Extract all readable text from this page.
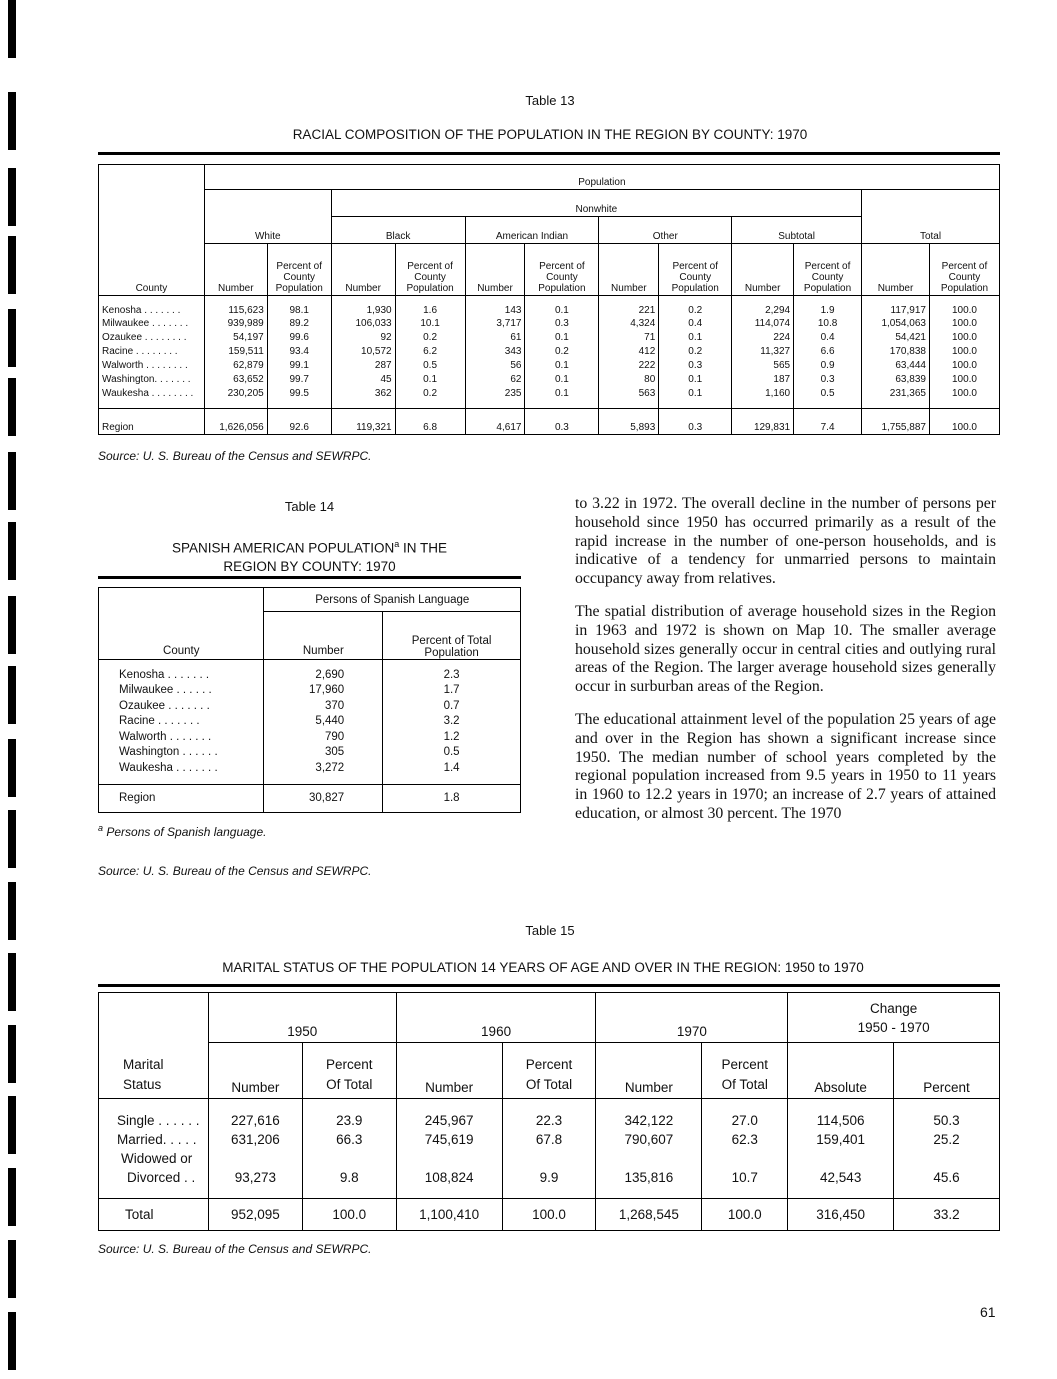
Table 13
RACIAL COMPOSITION OF THE POPULATION IN THE REGION BY COUNTY: 1970
	Population											
			Nonwhite									
	White		Black		American Indian		Other		Subtotal		Total	
County	Number	Percent of County Population	Number	Percent of County Population	Number	Percent of County Population	Number	Percent of County Population	Number	Percent of County Population	Number	Percent of County Population

Kenosha . . . . . . .	115,623	98.1	1,930	1.6	143	0.1	221	0.2	2,294	1.9	117,917	100.0
Milwaukee . . . . . . .	939,989	89.2	106,033	10.1	3,717	0.3	4,324	0.4	114,074	10.8	1,054,063	100.0
Ozaukee . . . . . . . .	54,197	99.6	92	0.2	61	0.1	71	0.1	224	0.4	54,421	100.0
Racine . . . . . . . .	159,511	93.4	10,572	6.2	343	0.2	412	0.2	11,327	6.6	170,838	100.0
Walworth . . . . . . . .	62,879	99.1	287	0.5	56	0.1	222	0.3	565	0.9	63,444	100.0
Washington. . . . . . .	63,652	99.7	45	0.1	62	0.1	80	0.1	187	0.3	63,839	100.0
Waukesha . . . . . . . .	230,205	99.5	362	0.2	235	0.1	563	0.1	1,160	0.5	231,365	100.0

Region	1,626,056	92.6	119,321	6.8	4,617	0.3	5,893	0.3	129,831	7.4	1,755,887	100.0
Source: U. S. Bureau of the Census and SEWRPC.
Table 14
SPANISH AMERICAN POPULATION$^a$ IN THE
REGION BY COUNTY: 1970
	Persons of Spanish Language	
County	Number	Percent of Total Population

Kenosha . . . . . . .	2,690	2.3
Milwaukee . . . . . .	17,960	1.7
Ozaukee . . . . . . .	370	0.7
Racine . . . . . . .	5,440	3.2
Walworth . . . . . . .	790	1.2
Washington . . . . . .	305	0.5
Waukesha . . . . . . .	3,272	1.4

Region	30,827	1.8
$^a$ Persons of Spanish language.
Source: U. S. Bureau of the Census and SEWRPC.

to 3.22 in 1972. The overall decline in the number of persons per household since 1950 has occurred primarily as a result of the rapid increase in the number of one-person households, and is indicative of a tendency for unmarried persons to maintain occupancy away from relatives.

The spatial distribution of average household sizes in the Region in 1963 and 1972 is shown on Map 10. The smaller average household sizes generally occur in central cities and outlying rural areas of the Region. The larger average household sizes generally occur in surburban areas of the Region.

The educational attainment level of the population 25 years of age and over in the Region has shown a significant increase since 1950. The median number of school years completed by the regional population increased from 9.5 years in 1950 to 11 years in 1960 to 12.2 years in 1970; an increase of 2.7 years of attained education, or almost 30 percent. The 1970

Table 15
MARITAL STATUS OF THE POPULATION 14 YEARS OF AGE AND OVER IN THE REGION: 1950 to 1970
	1950		1960		1970		Change
1950 - 1970	
Marital
Status	Number	Percent
Of Total	Number	Percent
Of Total	Number	Percent
Of Total	Absolute	Percent

Single . . . . . .	227,616	23.9	245,967	22.3	342,122	27.0	114,506	50.3
Married. . . . .	631,206	66.3	745,619	67.8	790,607	62.3	159,401	25.2
Widowed or								
Divorced . .	93,273	9.8	108,824	9.9	135,816	10.7	42,543	45.6

Total	952,095	100.0	1,100,410	100.0	1,268,545	100.0	316,450	33.2
Source: U. S. Bureau of the Census and SEWRPC.
61
